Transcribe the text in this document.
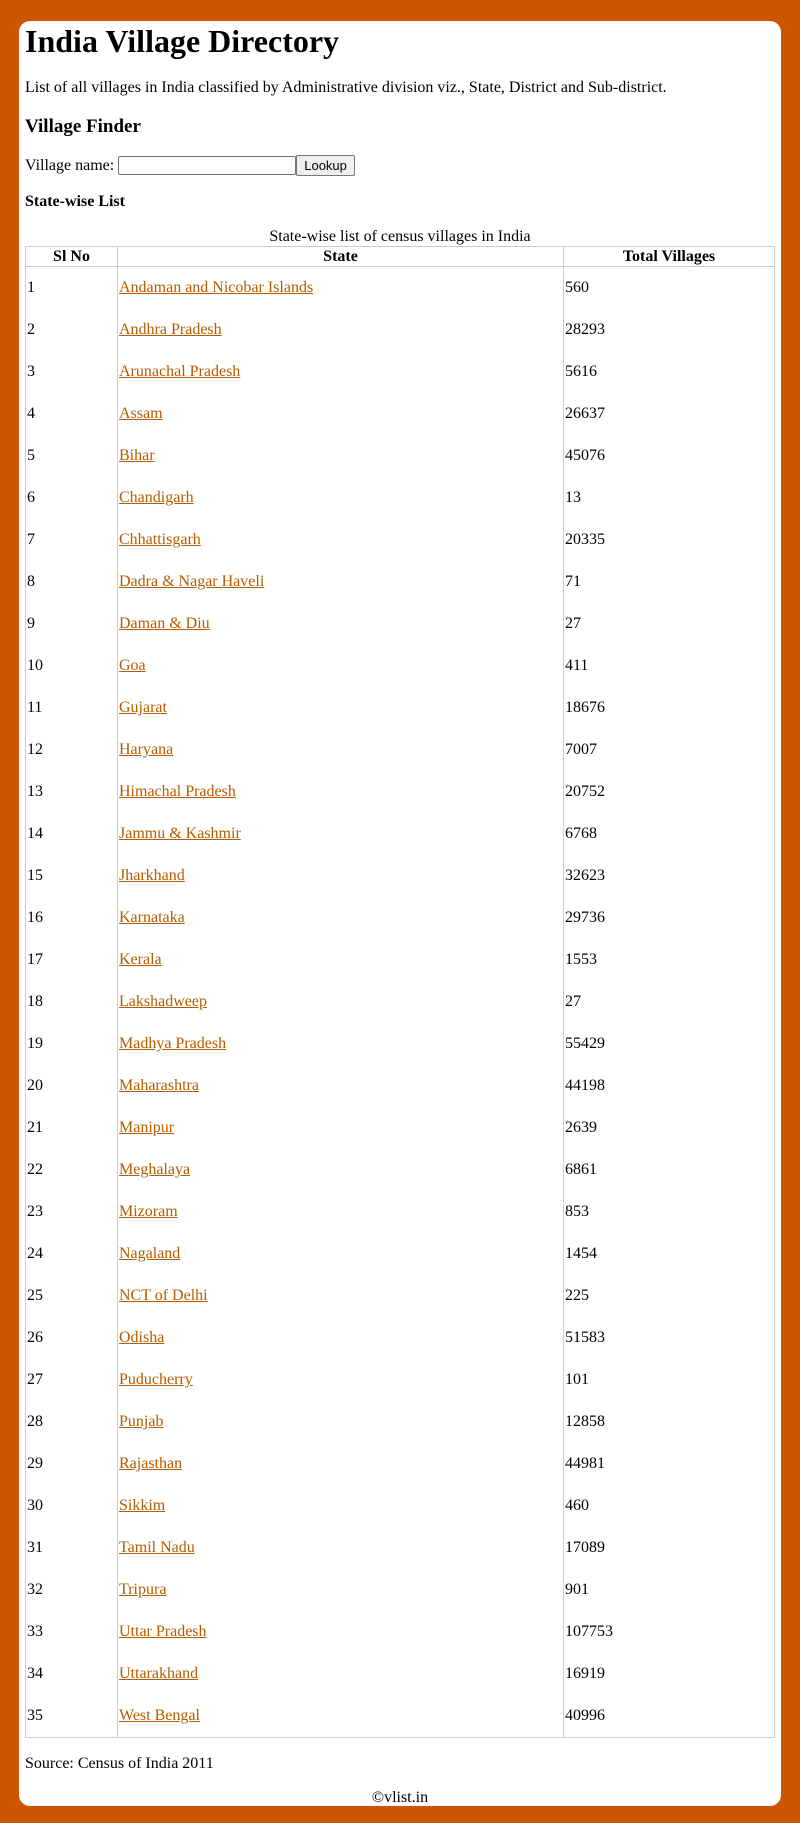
India Village Directory

List of all villages in India classified by Administrative division viz., State, District and Sub-district.

Village Finder
Village name:	Lookup
State-wise List
State-wise list of census villages in India
Sl No	State	Total Villages
1	Andaman and Nicobar Islands	560
2	Andhra Pradesh	28293
3	Arunachal Pradesh	5616
4	Assam	26637
5	Bihar	45076
6	Chandigarh	13
7	Chhattisgarh	20335
8	Dadra & Nagar Haveli	71
9	Daman & Diu	27
10	Goa	411
11	Gujarat	18676
12	Haryana	7007
13	Himachal Pradesh	20752
14	Jammu & Kashmir	6768
15	Jharkhand	32623
16	Karnataka	29736
17	Kerala	1553
18	Lakshadweep	27
19	Madhya Pradesh	55429
20	Maharashtra	44198
21	Manipur	2639
22	Meghalaya	6861
23	Mizoram	853
24	Nagaland	1454
25	NCT of Delhi	225
26	Odisha	51583
27	Puducherry	101
28	Punjab	12858
29	Rajasthan	44981
30	Sikkim	460
31	Tamil Nadu	17089
32	Tripura	901
33	Uttar Pradesh	107753
34	Uttarakhand	16919
35	West Bengal	40996
Source: Census of India 2011
©vlist.in
